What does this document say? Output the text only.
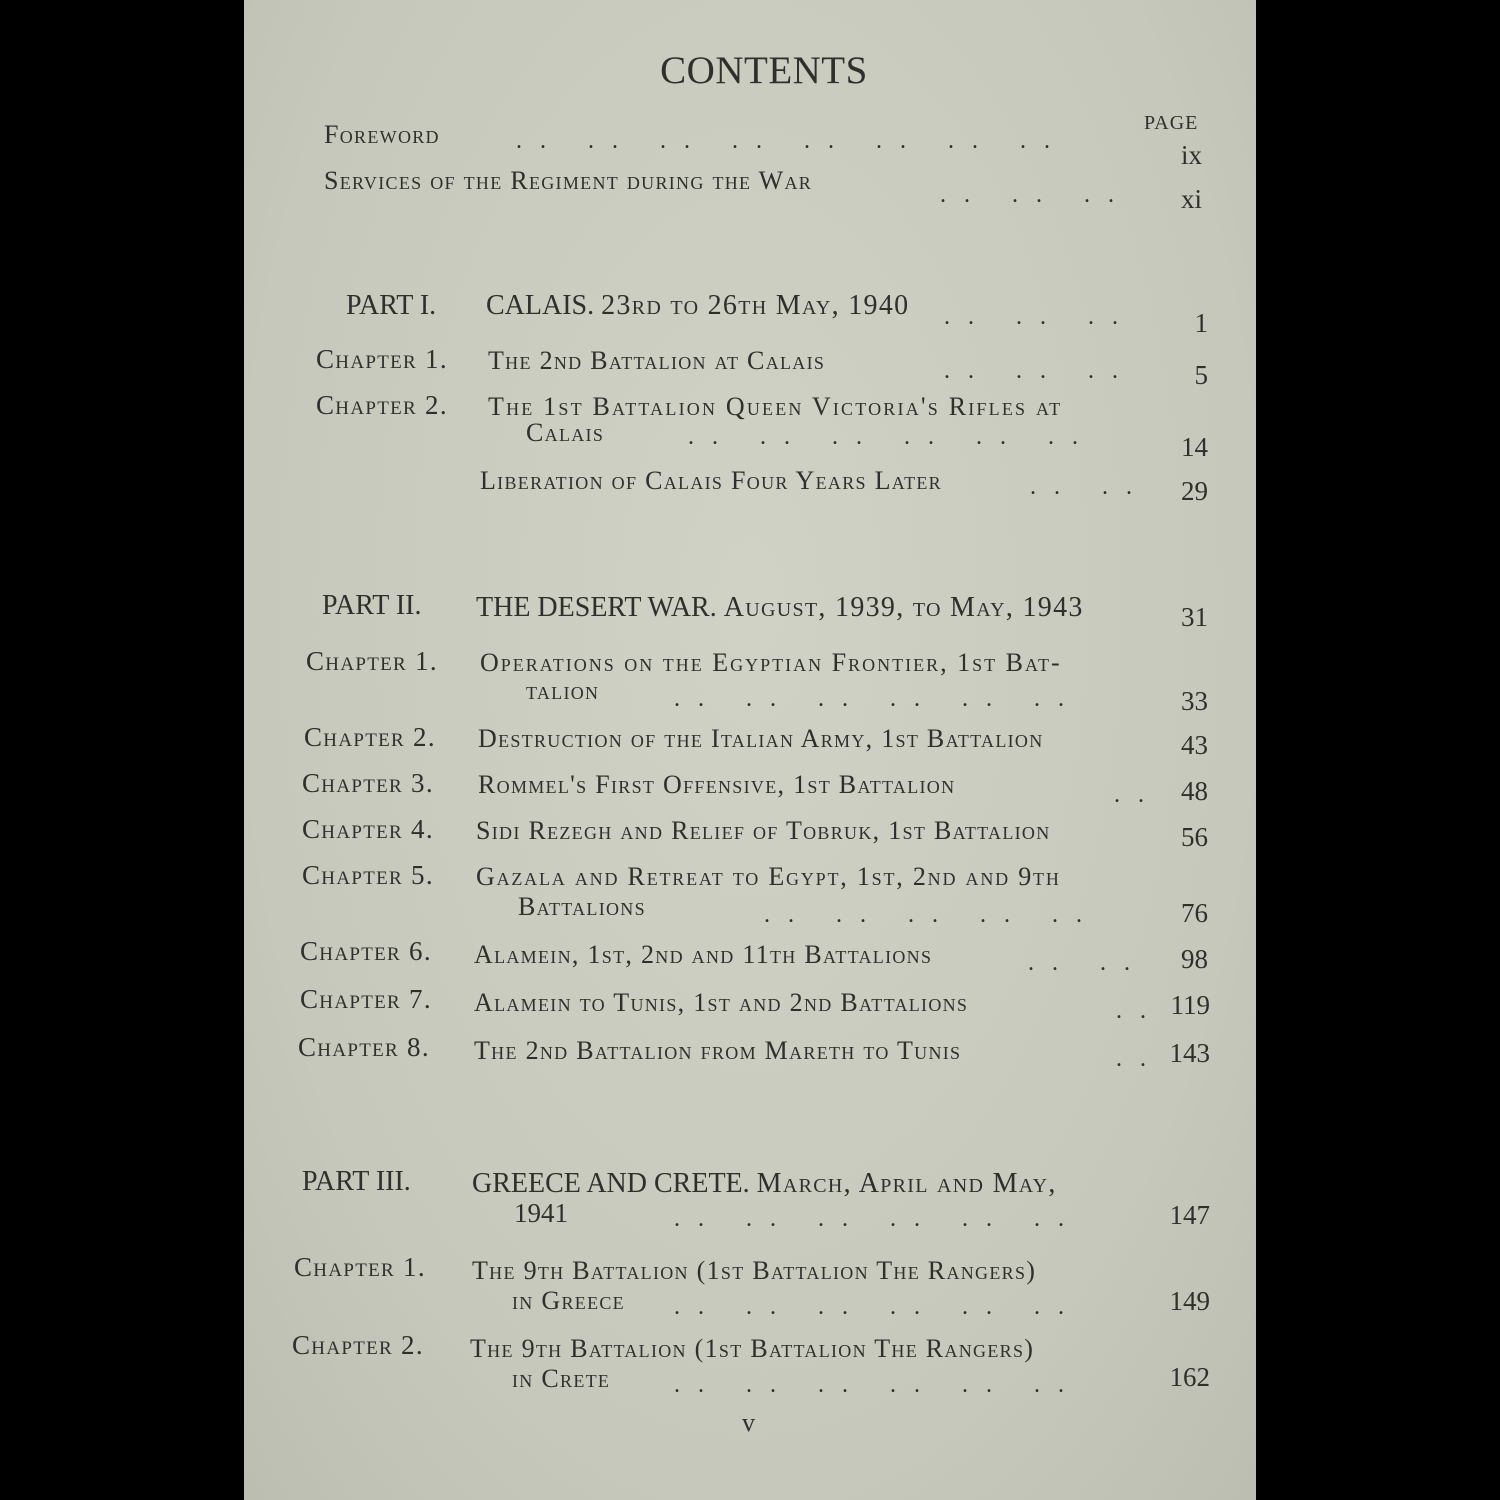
CONTENTS
PAGE
Foreword	. . . . . . . . . . . . . . . .	ix
Services of the Regiment during the War	. . . . . .	xi
PART I. CALAIS. 23rd to 26th May, 1940 . . . . . .	1
Chapter 1. The 2nd Battalion at Calais	. . . . . .	5
Chapter 2. The 1st Battalion Queen Victoria's Rifles at
Calais	. . . . . . . . . . . .	14
Liberation of Calais Four Years Later	. . . .	29
PART II. THE DESERT WAR. August, 1939, to May, 1943	31
Chapter 1. Operations on the Egyptian Frontier, 1st Bat-
talion	. . . . . . . . . . . .	33
Chapter 2. Destruction of the Italian Army, 1st Battalion	43
Chapter 3. Rommel's First Offensive, 1st Battalion	. .	48
Chapter 4. Sidi Rezegh and Relief of Tobruk, 1st Battalion	56
Chapter 5. Gazala and Retreat to Egypt, 1st, 2nd and 9th
Battalions	. . . . . . . . . .	76
Chapter 6. Alamein, 1st, 2nd and 11th Battalions	. . . .	98
Chapter 7. Alamein to Tunis, 1st and 2nd Battalions	. . 119
Chapter 8. The 2nd Battalion from Mareth to Tunis	. . 143
PART III. GREECE AND CRETE. March, April and May,
1941	. . . . . . . . . . . .	147
Chapter 1. The 9th Battalion (1st Battalion The Rangers)
in Greece . . . . . . . . . . . .	149
Chapter 2. The 9th Battalion (1st Battalion The Rangers)
in Crete	. . . . . . . . . . . .	162
v
